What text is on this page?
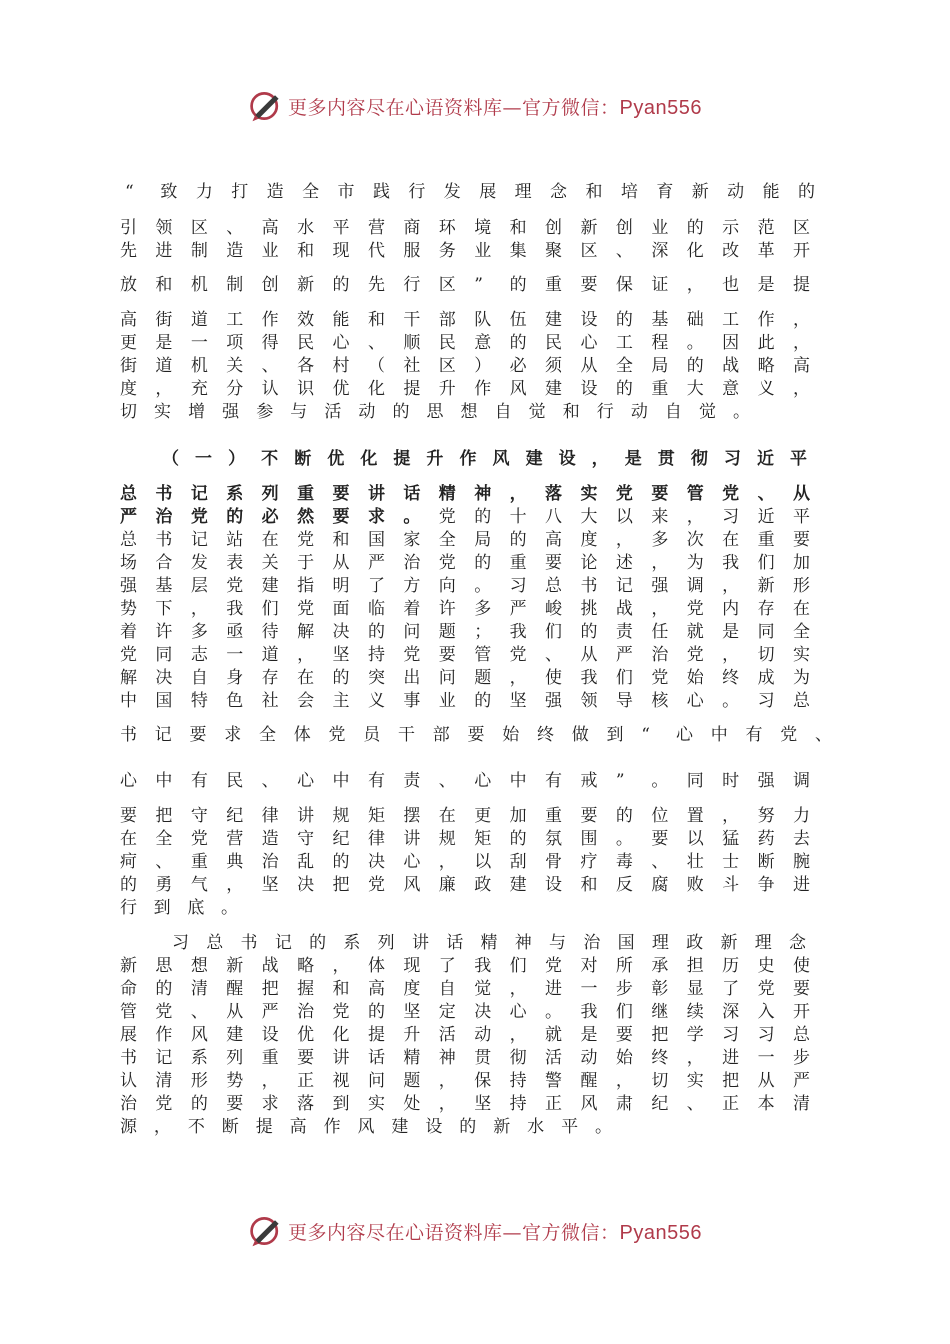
更多内容尽在心语资料库—官方微信：Pyan556
“ 致 力 打 造 全 市 践 行 发 展 理 念 和 培 育 新 动 能 的
引 领 区 、 高 水 平 营 商 环 境 和 创 新 创 业 的 示 范 区
先 进 制 造 业 和 现 代 服 务 业 集 聚 区 、 深 化 改 革 开
放 和 机 制 创 新 的 先 行 区 ” 的 重 要 保 证 ， 也 是 提
高 街 道 工 作 效 能 和 干 部 队 伍 建 设 的 基 础 工 作 ，
更 是 一 项 得 民 心 、 顺 民 意 的 民 心 工 程 。 因 此 ，
街 道 机 关 、 各 村 （ 社 区 ） 必 须 从 全 局 的 战 略 高
度 ， 充 分 认 识 优 化 提 升 作 风 建 设 的 重 大 意 义 ，
切 实 增 强 参 与 活 动 的 思 想 自 觉 和 行 动 自 觉 。
（ 一 ） 不 断 优 化 提 升 作 风 建 设 ， 是 贯 彻 习 近 平
总 书 记 系 列 重 要 讲 话 精 神 ， 落 实 党 要 管 党 、 从
严 治 党 的 必 然 要 求 。 党 的 十 八 大 以 来 ， 习 近 平
总 书 记 站 在 党 和 国 家 全 局 的 高 度 ， 多 次 在 重 要
场 合 发 表 关 于 从 严 治 党 的 重 要 论 述 ， 为 我 们 加
强 基 层 党 建 指 明 了 方 向 。 习 总 书 记 强 调 ， 新 形
势 下 ， 我 们 党 面 临 着 许 多 严 峻 挑 战 ， 党 内 存 在
着 许 多 亟 待 解 决 的 问 题 ； 我 们 的 责 任 就 是 同 全
党 同 志 一 道 ， 坚 持 党 要 管 党 、 从 严 治 党 ， 切 实
解 决 自 身 存 在 的 突 出 问 题 ， 使 我 们 党 始 终 成 为
中 国 特 色 社 会 主 义 事 业 的 坚 强 领 导 核 心 。 习 总
书 记 要 求 全 体 党 员 干 部 要 始 终 做 到 “ 心 中 有 党 、
心 中 有 民 、 心 中 有 责 、 心 中 有 戒 ” 。 同 时 强 调
要 把 守 纪 律 讲 规 矩 摆 在 更 加 重 要 的 位 置 ， 努 力
在 全 党 营 造 守 纪 律 讲 规 矩 的 氛 围 。 要 以 猛 药 去
疴 、 重 典 治 乱 的 决 心 ， 以 刮 骨 疗 毒 、 壮 士 断 腕
的 勇 气 ， 坚 决 把 党 风 廉 政 建 设 和 反 腐 败 斗 争 进
行 到 底 。
习 总 书 记 的 系 列 讲 话 精 神 与 治 国 理 政 新 理 念
新 思 想 新 战 略 ， 体 现 了 我 们 党 对 所 承 担 历 史 使
命 的 清 醒 把 握 和 高 度 自 觉 ， 进 一 步 彰 显 了 党 要
管 党 、 从 严 治 党 的 坚 定 决 心 。 我 们 继 续 深 入 开
展 作 风 建 设 优 化 提 升 活 动 ， 就 是 要 把 学 习 习 总
书 记 系 列 重 要 讲 话 精 神 贯 彻 活 动 始 终 ， 进 一 步
认 清 形 势 ， 正 视 问 题 ， 保 持 警 醒 ， 切 实 把 从 严
治 党 的 要 求 落 到 实 处 ， 坚 持 正 风 肃 纪 、 正 本 清
源 ， 不 断 提 高 作 风 建 设 的 新 水 平 。
更多内容尽在心语资料库—官方微信：Pyan556
